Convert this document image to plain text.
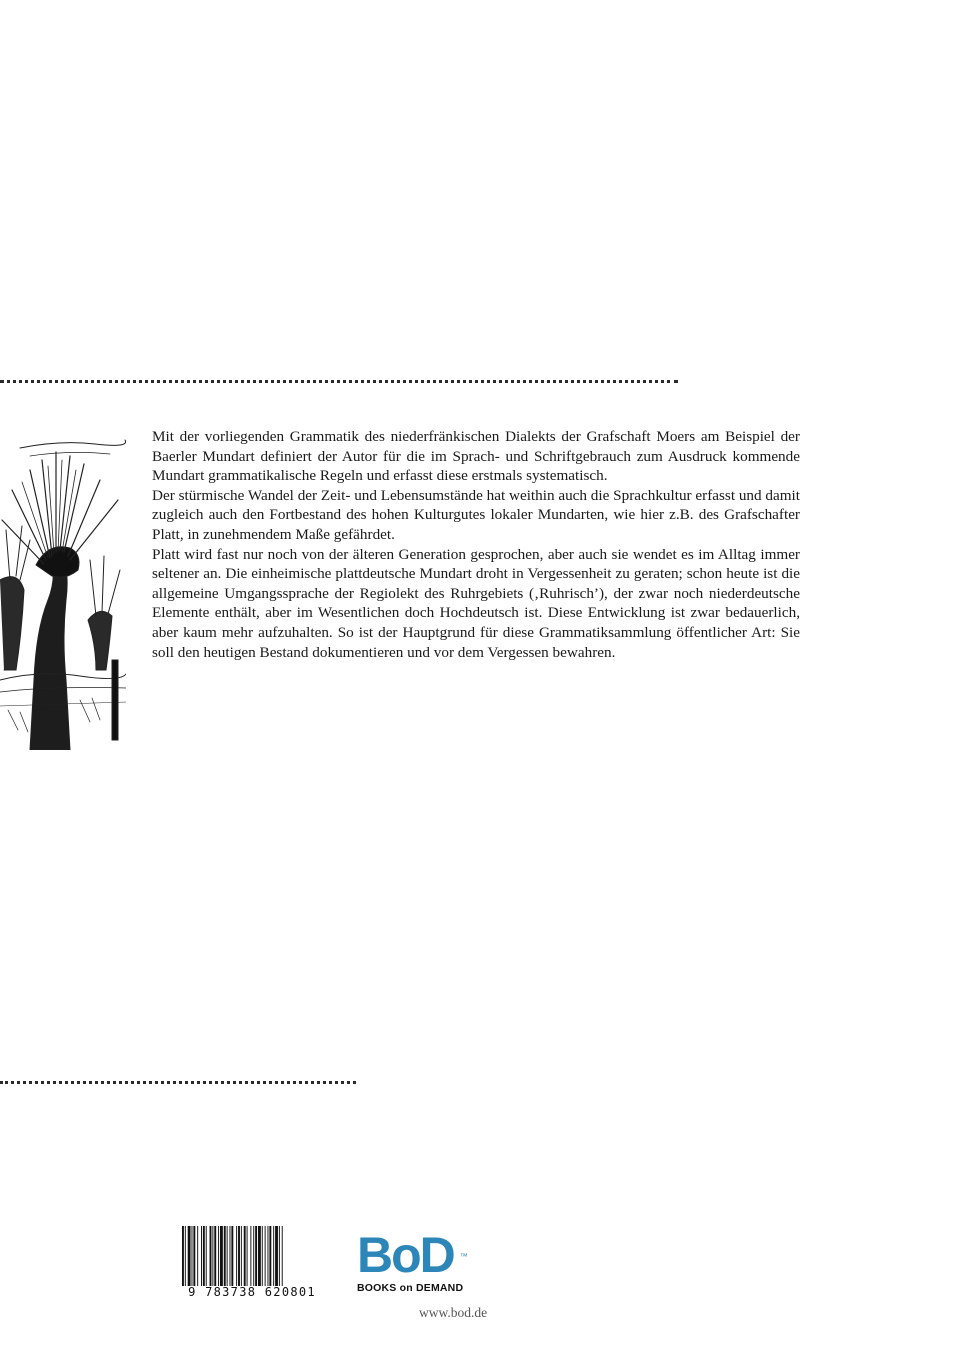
Mit der vorliegenden Grammatik des niederfränkischen Dialekts der Grafschaft Moers am Beispiel der Baerler Mundart definiert der Autor für die im Sprach- und Schriftgebrauch zum Ausdruck kommende Mundart grammatikalische Regeln und erfasst diese erstmals systematisch.

Der stürmische Wandel der Zeit- und Lebensumstände hat weithin auch die Sprachkultur erfasst und damit zugleich auch den Fortbestand des hohen Kulturgutes lokaler Mundarten, wie hier z.B. des Grafschafter Platt, in zunehmendem Maße gefährdet.

Platt wird fast nur noch von der älteren Generation gesprochen, aber auch sie wendet es im Alltag immer seltener an. Die einheimische plattdeutsche Mundart droht in Vergessenheit zu geraten; schon heute ist die allgemeine Umgangssprache der Regiolekt des Ruhrgebiets (‚Ruhrisch’), der zwar noch niederdeutsche Elemente enthält, aber im Wesentlichen doch Hochdeutsch ist. Diese Entwicklung ist zwar bedauerlich, aber kaum mehr aufzuhalten. So ist der Hauptgrund für diese Grammatiksammlung öffentlicher Art: Sie soll den heutigen Bestand dokumentieren und vor dem Vergessen bewahren.

9 783738 620801
BoD ™
BOOKS on DEMAND
www.bod.de
